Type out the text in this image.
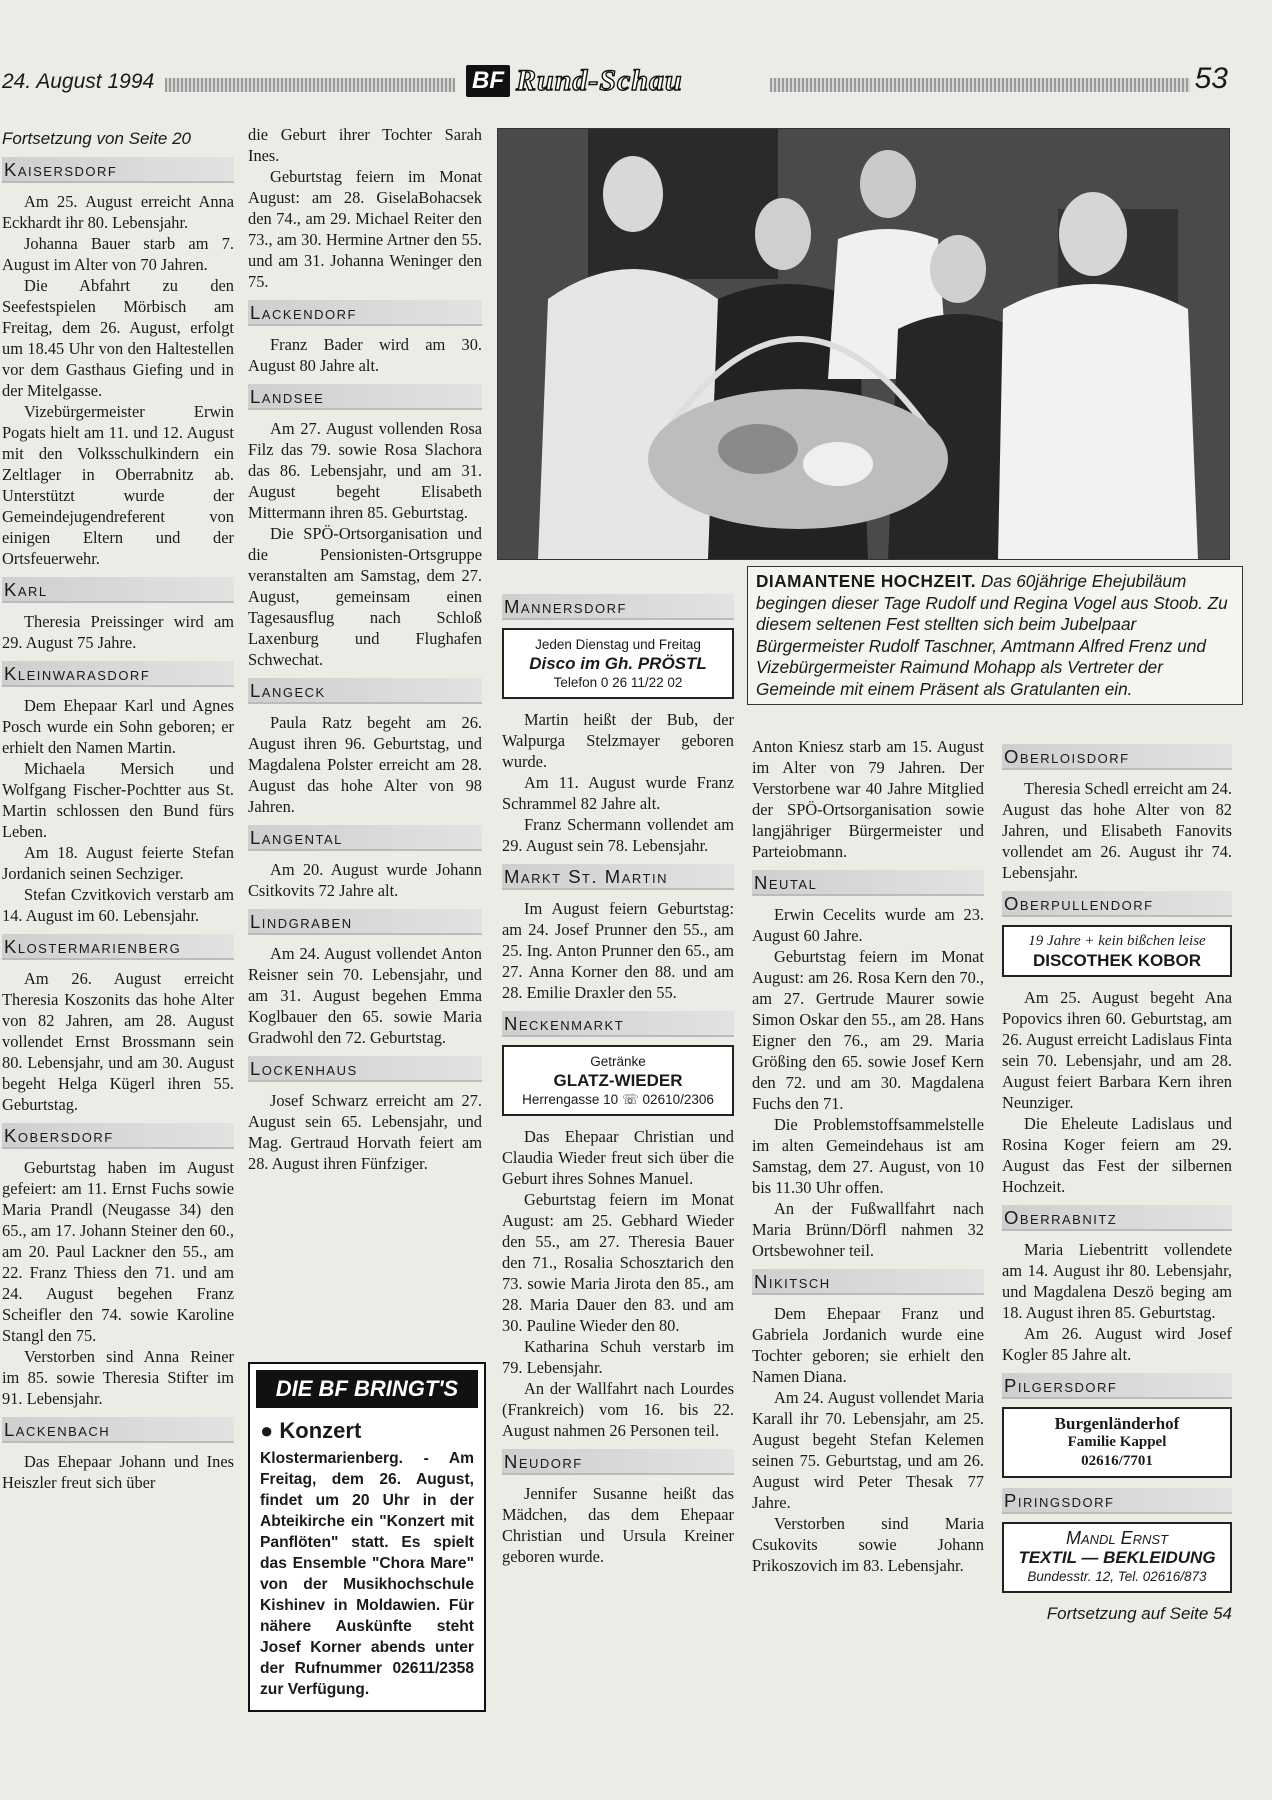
24. August 1994	BF Rund-Schau	53
Fortsetzung von Seite 20
Kaisersdorf

Am 25. August erreicht Anna Eckhardt ihr 80. Lebensjahr.

Johanna Bauer starb am 7. August im Alter von 70 Jahren.

Die Abfahrt zu den Seefestspielen Mörbisch am Freitag, dem 26. August, erfolgt um 18.45 Uhr von den Haltestellen vor dem Gasthaus Giefing und in der Mitelgasse.

Vizebürgermeister Erwin Pogats hielt am 11. und 12. August mit den Volksschulkindern ein Zeltlager in Oberrabnitz ab. Unterstützt wurde der Gemeindejugendreferent von einigen Eltern und der Ortsfeuerwehr.

Karl

Theresia Preissinger wird am 29. August 75 Jahre.

Kleinwarasdorf

Dem Ehepaar Karl und Agnes Posch wurde ein Sohn geboren; er erhielt den Namen Martin.

Michaela Mersich und Wolfgang Fischer-Pochtter aus St. Martin schlossen den Bund fürs Leben.

Am 18. August feierte Stefan Jordanich seinen Sechziger.

Stefan Czvitkovich verstarb am 14. August im 60. Lebensjahr.

Klostermarienberg

Am 26. August erreicht Theresia Koszonits das hohe Alter von 82 Jahren, am 28. August vollendet Ernst Brossmann sein 80. Lebensjahr, und am 30. August begeht Helga Kügerl ihren 55. Geburtstag.

Kobersdorf

Geburtstag haben im August gefeiert: am 11. Ernst Fuchs sowie Maria Prandl (Neugasse 34) den 65., am 17. Johann Steiner den 60., am 20. Paul Lackner den 55., am 22. Franz Thiess den 71. und am 24. August begehen Franz Scheifler den 74. sowie Karoline Stangl den 75.

Verstorben sind Anna Reiner im 85. sowie Theresia Stifter im 91. Lebensjahr.

Lackenbach

Das Ehepaar Johann und Ines Heiszler freut sich über

die Geburt ihrer Tochter Sarah Ines.

Geburtstag feiern im Monat August: am 28. GiselaBohacsek den 74., am 29. Michael Reiter den 73., am 30. Hermine Artner den 55. und am 31. Johanna Weninger den 75.

Lackendorf

Franz Bader wird am 30. August 80 Jahre alt.

Landsee

Am 27. August vollenden Rosa Filz das 79. sowie Rosa Slachora das 86. Lebensjahr, und am 31. August begeht Elisabeth Mittermann ihren 85. Geburtstag.

Die SPÖ-Ortsorganisation und die Pensionisten-Ortsgruppe veranstalten am Samstag, dem 27. August, gemeinsam einen Tagesausflug nach Schloß Laxenburg und Flughafen Schwechat.

Langeck

Paula Ratz begeht am 26. August ihren 96. Geburtstag, und Magdalena Polster erreicht am 28. August das hohe Alter von 98 Jahren.

Langental

Am 20. August wurde Johann Csitkovits 72 Jahre alt.

Lindgraben

Am 24. August vollendet Anton Reisner sein 70. Lebensjahr, und am 31. August begehen Emma Koglbauer den 65. sowie Maria Gradwohl den 72. Geburtstag.

Lockenhaus

Josef Schwarz erreicht am 27. August sein 65. Lebensjahr, und Mag. Gertraud Horvath feiert am 28. August ihren Fünfziger.

DIE BF BRINGT'S
● Konzert
Klostermarienberg. - Am Freitag, dem 26. August, findet um 20 Uhr in der Abteikirche ein "Konzert mit Panflöten" statt. Es spielt das Ensemble "Chora Mare" von der Musikhochschule Kishinev in Moldawien. Für nähere Auskünfte steht Josef Korner abends unter der Rufnummer 02611/2358 zur Verfügung.
DIAMANTENE HOCHZEIT. Das 60jährige Ehejubiläum begingen dieser Tage Rudolf und Regina Vogel aus Stoob. Zu diesem seltenen Fest stellten sich beim Jubelpaar Bürgermeister Rudolf Taschner, Amtmann Alfred Frenz und Vizebürgermeister Raimund Mohapp als Vertreter der Gemeinde mit einem Präsent als Gratulanten ein.
Mannersdorf
Jeden Dienstag und Freitag
Disco im Gh. PRÖSTL
Telefon 0 26 11/22 02

Martin heißt der Bub, der Walpurga Stelzmayer geboren wurde.

Am 11. August wurde Franz Schrammel 82 Jahre alt.

Franz Schermann vollendet am 29. August sein 78. Lebensjahr.

Markt St. Martin

Im August feiern Geburtstag: am 24. Josef Prunner den 55., am 25. Ing. Anton Prunner den 65., am 27. Anna Korner den 88. und am 28. Emilie Draxler den 55.

Neckenmarkt
Getränke
GLATZ-WIEDER
Herrengasse 10 ☏ 02610/2306

Das Ehepaar Christian und Claudia Wieder freut sich über die Geburt ihres Sohnes Manuel.

Geburtstag feiern im Monat August: am 25. Gebhard Wieder den 55., am 27. Theresia Bauer den 71., Rosalia Schosztarich den 73. sowie Maria Jirota den 85., am 28. Maria Dauer den 83. und am 30. Pauline Wieder den 80.

Katharina Schuh verstarb im 79. Lebensjahr.

An der Wallfahrt nach Lourdes (Frankreich) vom 16. bis 22. August nahmen 26 Personen teil.

Neudorf

Jennifer Susanne heißt das Mädchen, das dem Ehepaar Christian und Ursula Kreiner geboren wurde.

Anton Kniesz starb am 15. August im Alter von 79 Jahren. Der Verstorbene war 40 Jahre Mitglied der SPÖ-Ortsorganisation sowie langjähriger Bürgermeister und Parteiobmann.

Neutal

Erwin Cecelits wurde am 23. August 60 Jahre.

Geburtstag feiern im Monat August: am 26. Rosa Kern den 70., am 27. Gertrude Maurer sowie Simon Oskar den 55., am 28. Hans Eigner den 76., am 29. Maria Größing den 65. sowie Josef Kern den 72. und am 30. Magdalena Fuchs den 71.

Die Problemstoffsammelstelle im alten Gemeindehaus ist am Samstag, dem 27. August, von 10 bis 11.30 Uhr offen.

An der Fußwallfahrt nach Maria Brünn/Dörfl nahmen 32 Ortsbewohner teil.

Nikitsch

Dem Ehepaar Franz und Gabriela Jordanich wurde eine Tochter geboren; sie erhielt den Namen Diana.

Am 24. August vollendet Maria Karall ihr 70. Lebensjahr, am 25. August begeht Stefan Kelemen seinen 75. Geburtstag, und am 26. August wird Peter Thesak 77 Jahre.

Verstorben sind Maria Csukovits sowie Johann Prikoszovich im 83. Lebensjahr.

Oberloisdorf

Theresia Schedl erreicht am 24. August das hohe Alter von 82 Jahren, und Elisabeth Fanovits vollendet am 26. August ihr 74. Lebensjahr.

Oberpullendorf
19 Jahre + kein bißchen leise
DISCOTHEK KOBOR

Am 25. August begeht Ana Popovics ihren 60. Geburtstag, am 26. August erreicht Ladislaus Finta sein 70. Lebensjahr, und am 28. August feiert Barbara Kern ihren Neunziger.

Die Eheleute Ladislaus und Rosina Koger feiern am 29. August das Fest der silbernen Hochzeit.

Oberrabnitz

Maria Liebentritt vollendete am 14. August ihr 80. Lebensjahr, und Magdalena Deszö beging am 18. August ihren 85. Geburtstag.

Am 26. August wird Josef Kogler 85 Jahre alt.

Pilgersdorf
Burgenländerhof
Familie Kappel
02616/7701
Piringsdorf
Mandl Ernst
TEXTIL — BEKLEIDUNG
Bundesstr. 12, Tel. 02616/873
Fortsetzung auf Seite 54
